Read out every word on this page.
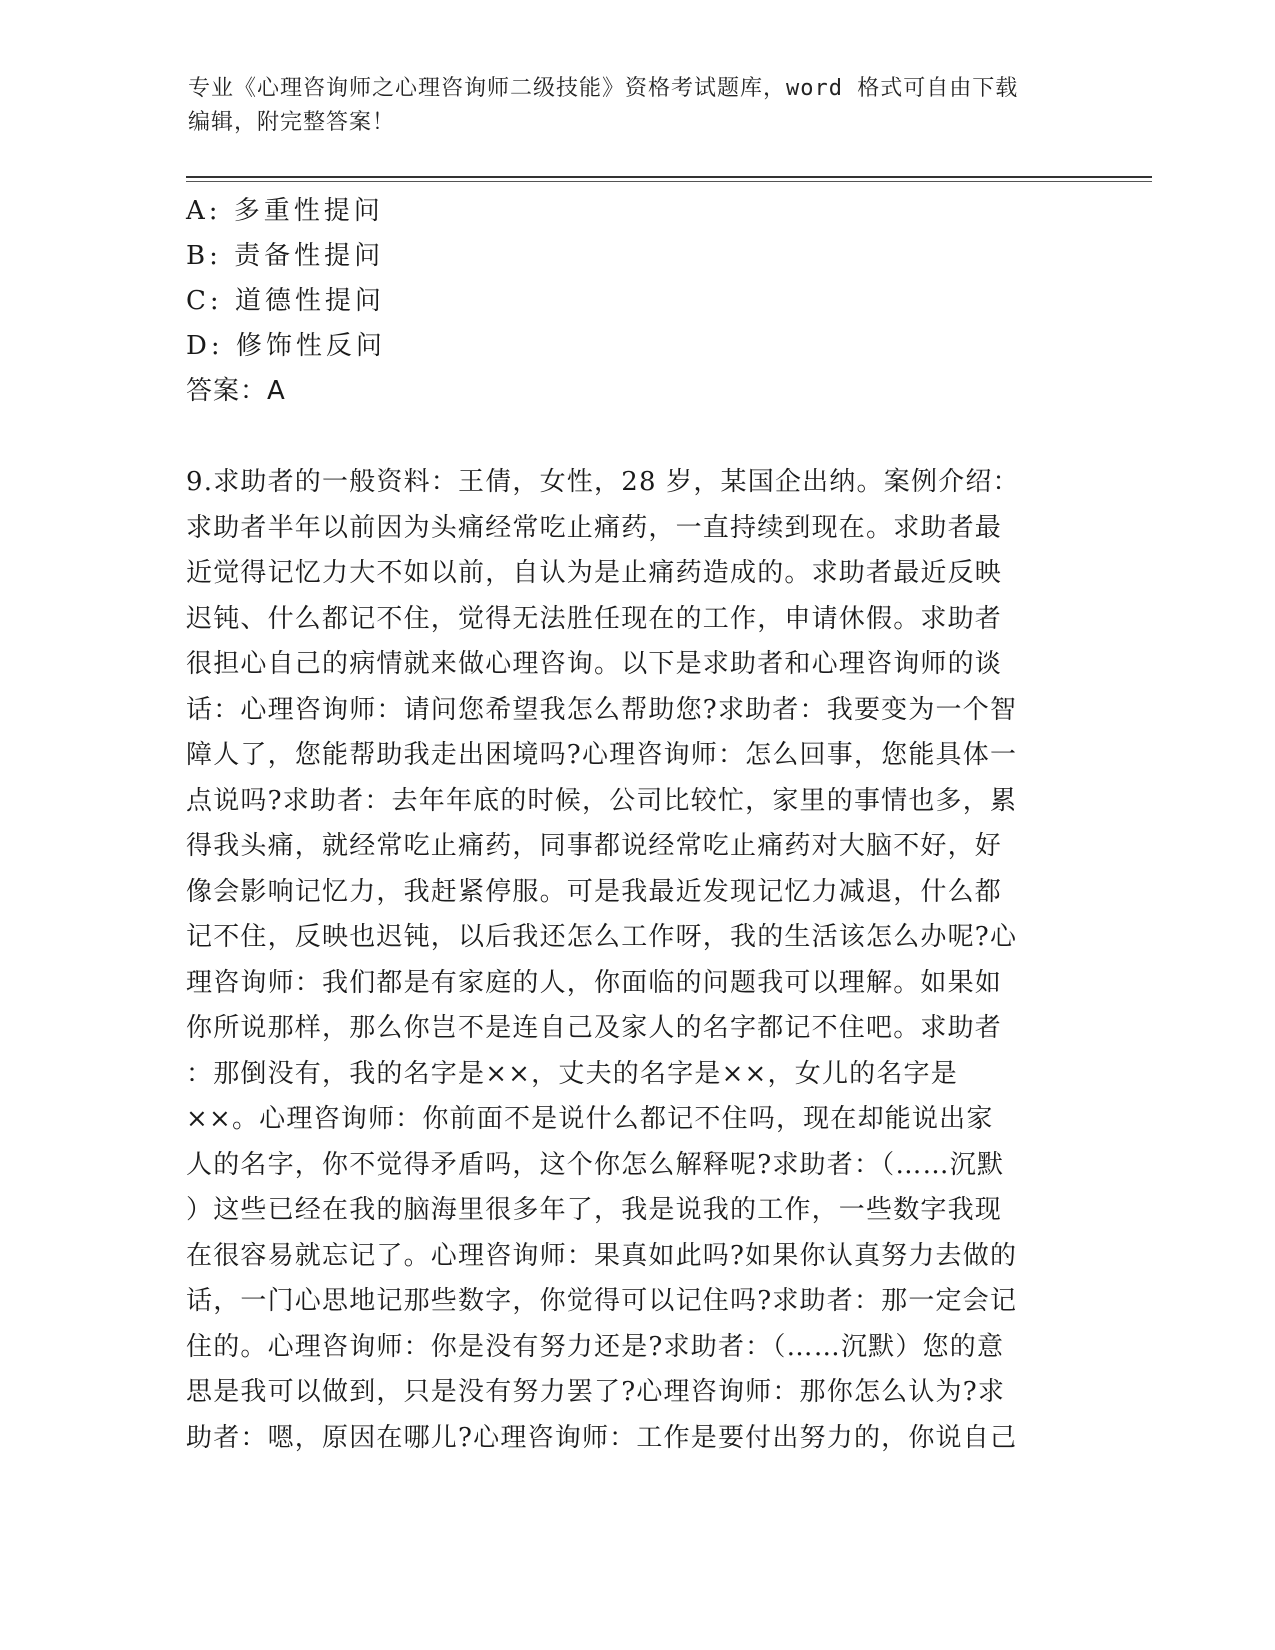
专业《心理咨询师之心理咨询师二级技能》资格考试题库，word 格式可自由下载
编辑，附完整答案！
A: 多重性提问
B: 责备性提问
C: 道德性提问
D: 修饰性反问
答案：A
9.求助者的一般资料：王倩，女性，28 岁，某国企出纳。案例介绍：
求助者半年以前因为头痛经常吃止痛药，一直持续到现在。求助者最
近觉得记忆力大不如以前，自认为是止痛药造成的。求助者最近反映
迟钝、什么都记不住，觉得无法胜任现在的工作，申请休假。求助者
很担心自己的病情就来做心理咨询。以下是求助者和心理咨询师的谈
话：心理咨询师：请问您希望我怎么帮助您?求助者：我要变为一个智
障人了，您能帮助我走出困境吗?心理咨询师：怎么回事，您能具体一
点说吗?求助者：去年年底的时候，公司比较忙，家里的事情也多，累
得我头痛，就经常吃止痛药，同事都说经常吃止痛药对大脑不好，好
像会影响记忆力，我赶紧停服。可是我最近发现记忆力减退，什么都
记不住，反映也迟钝，以后我还怎么工作呀，我的生活该怎么办呢?心
理咨询师：我们都是有家庭的人，你面临的问题我可以理解。如果如
你所说那样，那么你岂不是连自己及家人的名字都记不住吧。求助者
：那倒没有，我的名字是××，丈夫的名字是××，女儿的名字是
××。心理咨询师：你前面不是说什么都记不住吗，现在却能说出家
人的名字，你不觉得矛盾吗，这个你怎么解释呢?求助者：（……沉默
）这些已经在我的脑海里很多年了，我是说我的工作，一些数字我现
在很容易就忘记了。心理咨询师：果真如此吗?如果你认真努力去做的
话，一门心思地记那些数字，你觉得可以记住吗?求助者：那一定会记
住的。心理咨询师：你是没有努力还是?求助者：（……沉默）您的意
思是我可以做到，只是没有努力罢了?心理咨询师：那你怎么认为?求
助者：嗯，原因在哪儿?心理咨询师：工作是要付出努力的，你说自己
